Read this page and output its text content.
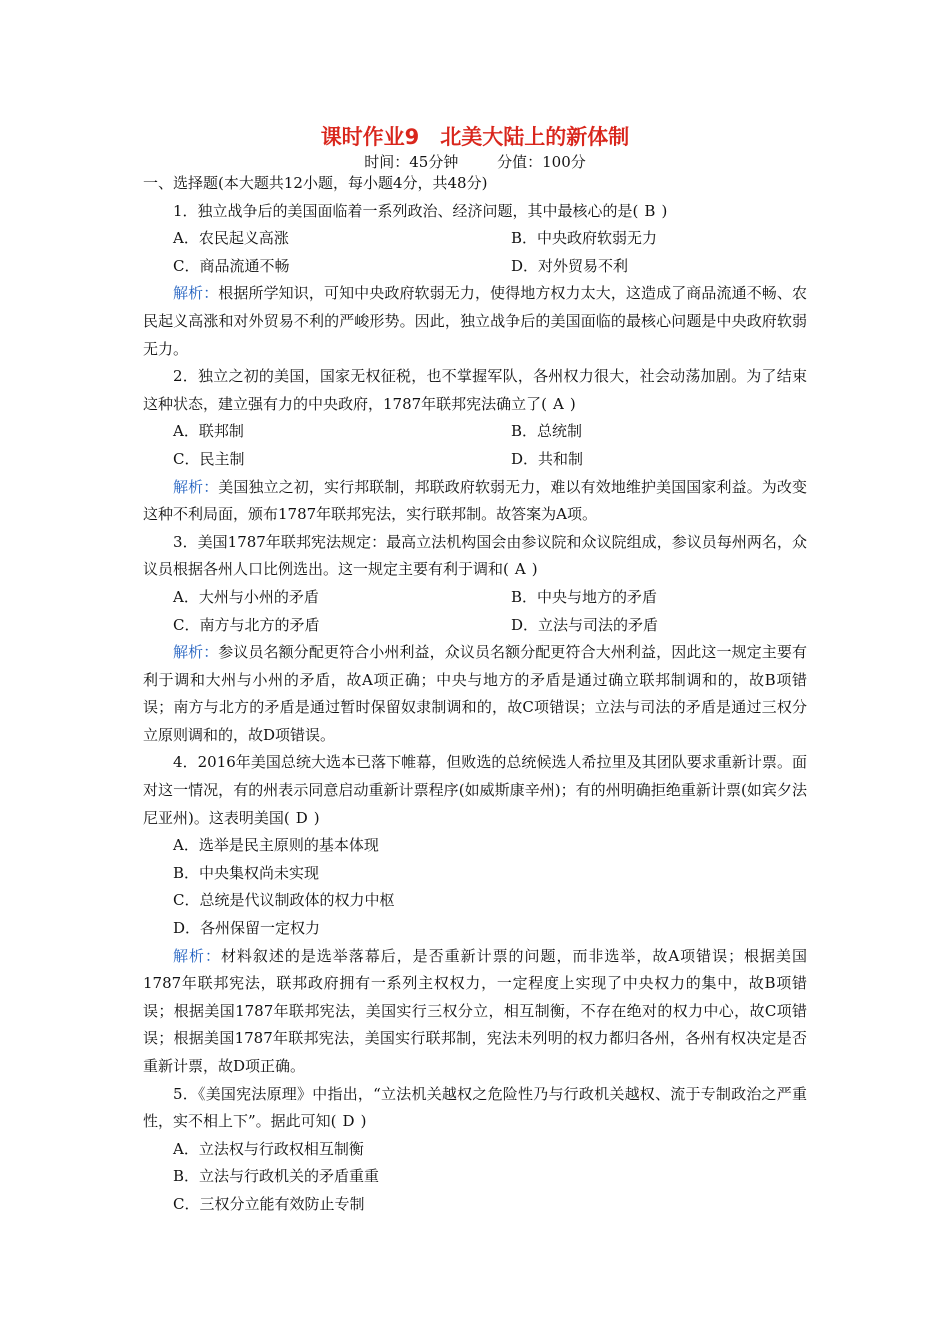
课时作业9　北美大陆上的新体制
时间：45分钟	分值：100分
一、选择题(本大题共12小题，每小题4分，共48分)
1．独立战争后的美国面临着一系列政治、经济问题，其中最核心的是( B )
A．农民起义高涨	B．中央政府软弱无力
C．商品流通不畅	D．对外贸易不利
解析：根据所学知识，可知中央政府软弱无力，使得地方权力太大，这造成了商品流通不畅、农民起义高涨和对外贸易不利的严峻形势。因此，独立战争后的美国面临的最核心问题是中央政府软弱无力。
2．独立之初的美国，国家无权征税，也不掌握军队，各州权力很大，社会动荡加剧。为了结束这种状态，建立强有力的中央政府，1787年联邦宪法确立了( A )
A．联邦制	B．总统制
C．民主制	D．共和制
解析：美国独立之初，实行邦联制，邦联政府软弱无力，难以有效地维护美国国家利益。为改变这种不利局面，颁布1787年联邦宪法，实行联邦制。故答案为A项。
3．美国1787年联邦宪法规定：最高立法机构国会由参议院和众议院组成，参议员每州两名，众议员根据各州人口比例选出。这一规定主要有利于调和( A )
A．大州与小州的矛盾	B．中央与地方的矛盾
C．南方与北方的矛盾	D．立法与司法的矛盾
解析：参议员名额分配更符合小州利益，众议员名额分配更符合大州利益，因此这一规定主要有利于调和大州与小州的矛盾，故A项正确；中央与地方的矛盾是通过确立联邦制调和的，故B项错误；南方与北方的矛盾是通过暂时保留奴隶制调和的，故C项错误；立法与司法的矛盾是通过三权分立原则调和的，故D项错误。
4．2016年美国总统大选本已落下帷幕，但败选的总统候选人希拉里及其团队要求重新计票。面对这一情况，有的州表示同意启动重新计票程序(如威斯康辛州)；有的州明确拒绝重新计票(如宾夕法尼亚州)。这表明美国( D )
A．选举是民主原则的基本体现
B．中央集权尚未实现
C．总统是代议制政体的权力中枢
D．各州保留一定权力
解析：材料叙述的是选举落幕后，是否重新计票的问题，而非选举，故A项错误；根据美国1787年联邦宪法，联邦政府拥有一系列主权权力，一定程度上实现了中央权力的集中，故B项错误；根据美国1787年联邦宪法，美国实行三权分立，相互制衡，不存在绝对的权力中心，故C项错误；根据美国1787年联邦宪法，美国实行联邦制，宪法未列明的权力都归各州，各州有权决定是否重新计票，故D项正确。
5．《美国宪法原理》中指出，“立法机关越权之危险性乃与行政机关越权、流于专制政治之严重性，实不相上下”。据此可知( D )
A．立法权与行政权相互制衡
B．立法与行政机关的矛盾重重
C．三权分立能有效防止专制
